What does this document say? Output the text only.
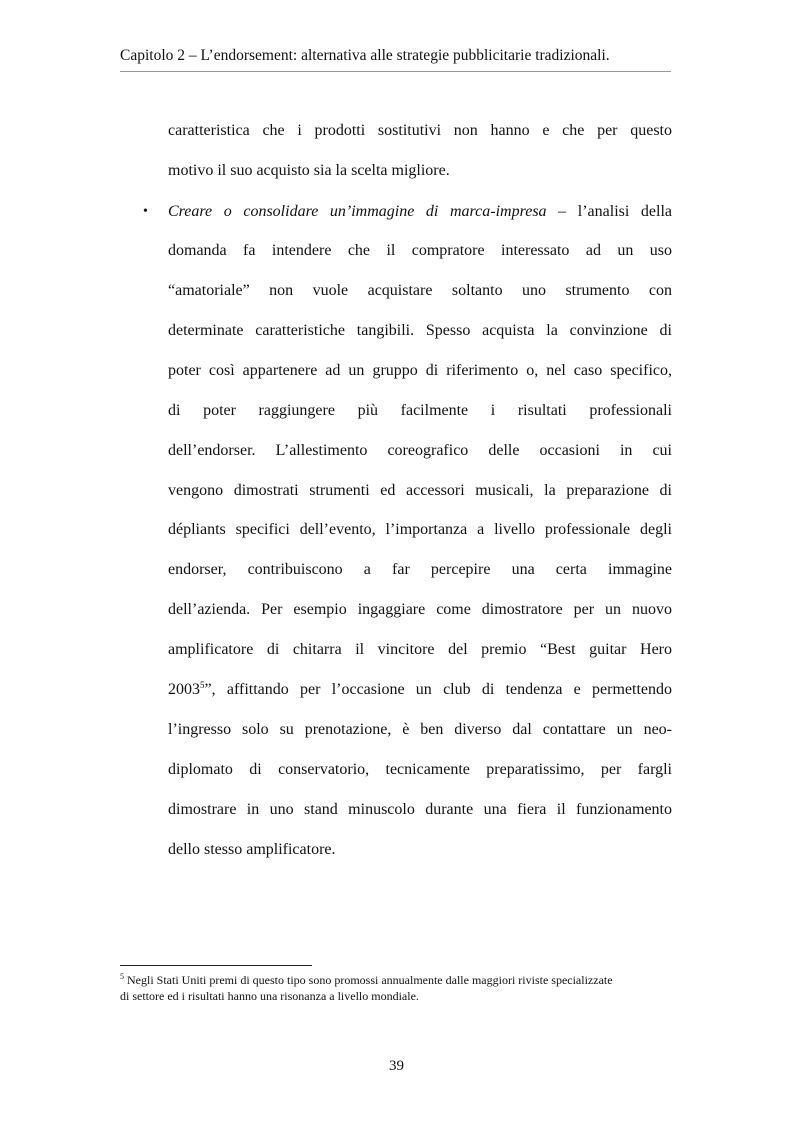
Capitolo 2 – L’endorsement: alternativa alle strategie pubblicitarie tradizionali.
caratteristica che i prodotti sostitutivi non hanno e che per questo
motivo il suo acquisto sia la scelta migliore.
• Creare o consolidare un’immagine di marca-impresa – l’analisi della
domanda fa intendere che il compratore interessato ad un uso
“amatoriale” non vuole acquistare soltanto uno strumento con
determinate caratteristiche tangibili. Spesso acquista la convinzione di
poter così appartenere ad un gruppo di riferimento o, nel caso specifico,
di poter raggiungere più facilmente i risultati professionali
dell’endorser. L’allestimento coreografico delle occasioni in cui
vengono dimostrati strumenti ed accessori musicali, la preparazione di
dépliants specifici dell’evento, l’importanza a livello professionale degli
endorser, contribuiscono a far percepire una certa immagine
dell’azienda. Per esempio ingaggiare come dimostratore per un nuovo
amplificatore di chitarra il vincitore del premio “Best guitar Hero
2003$^5$”, affittando per l’occasione un club di tendenza e permettendo
l’ingresso solo su prenotazione, è ben diverso dal contattare un neo-
diplomato di conservatorio, tecnicamente preparatissimo, per fargli
dimostrare in uno stand minuscolo durante una fiera il funzionamento
dello stesso amplificatore.
$^5$ Negli Stati Uniti premi di questo tipo sono promossi annualmente dalle maggiori riviste specializzate
di settore ed i risultati hanno una risonanza a livello mondiale.
39
